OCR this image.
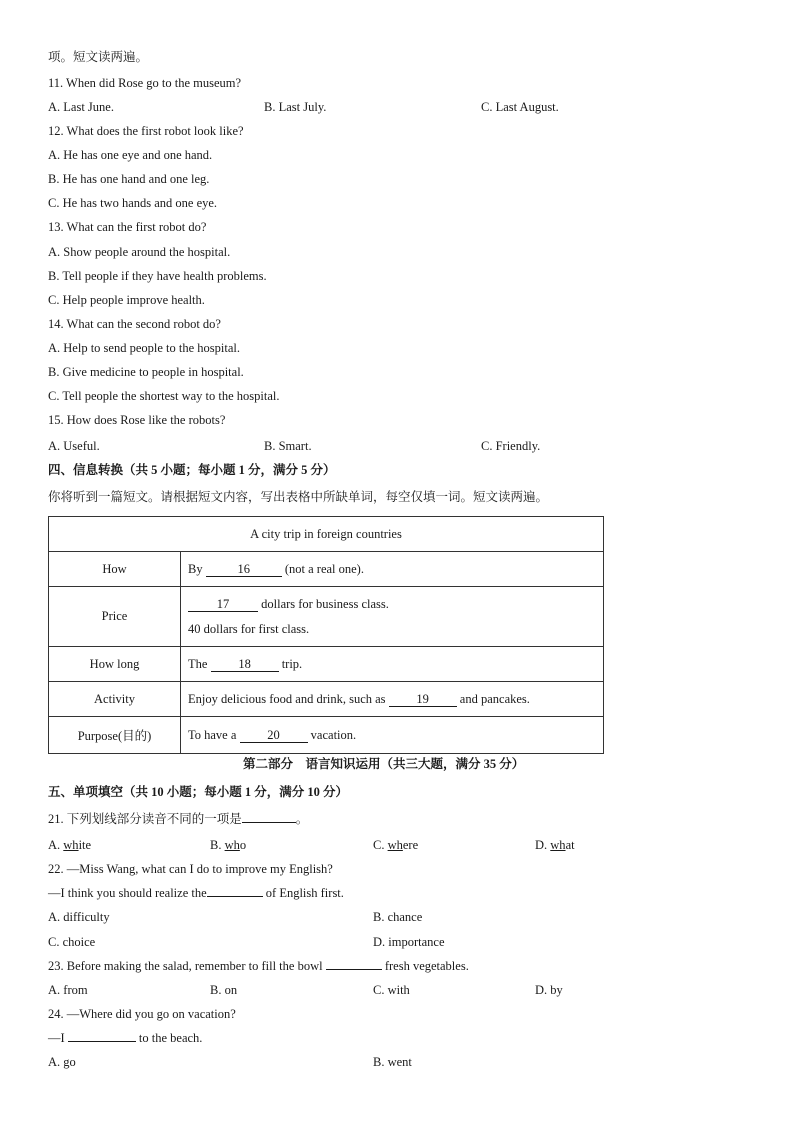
项。短文读两遍。
11. When did Rose go to the museum?
A. Last June.	B. Last July.	C. Last August.
12. What does the first robot look like?
A. He has one eye and one hand.
B. He has one hand and one leg.
C. He has two hands and one eye.
13. What can the first robot do?
A. Show people around the hospital.
B. Tell people if they have health problems.
C. Help people improve health.
14. What can the second robot do?
A. Help to send people to the hospital.
B. Give medicine to people in hospital.
C. Tell people the shortest way to the hospital.
15. How does Rose like the robots?
A. Useful.	B. Smart.	C. Friendly.
四、信息转换（共 5 小题；每小题 1 分，满分 5 分）
你将听到一篇短文。请根据短文内容，写出表格中所缺单词，每空仅填一词。短文读两遍。
A city trip in foreign countries	
How	By 16 (not a real one).
Price	17 dollars for business class.
40 dollars for first class.

How long	The 18 trip.
Activity	Enjoy delicious food and drink, such as 19 and pancakes.
Purpose(目的)	To have a 20 vacation.
第二部分　语言知识运用（共三大题，满分 35 分）
五、单项填空（共 10 小题；每小题 1 分，满分 10 分）
21. 下列划线部分读音不同的一项是	。
A. white	B. who	C. where	D. what
22. —Miss Wang, what can I do to improve my English?
—I think you should realize the	of English first.
A. difficulty	B. chance
C. choice	D. importance
23. Before making the salad, remember to fill the bowl	fresh vegetables.
A. from	B. on	C. with	D. by
24. —Where did you go on vacation?
—I	to the beach.
A. go	B. went
